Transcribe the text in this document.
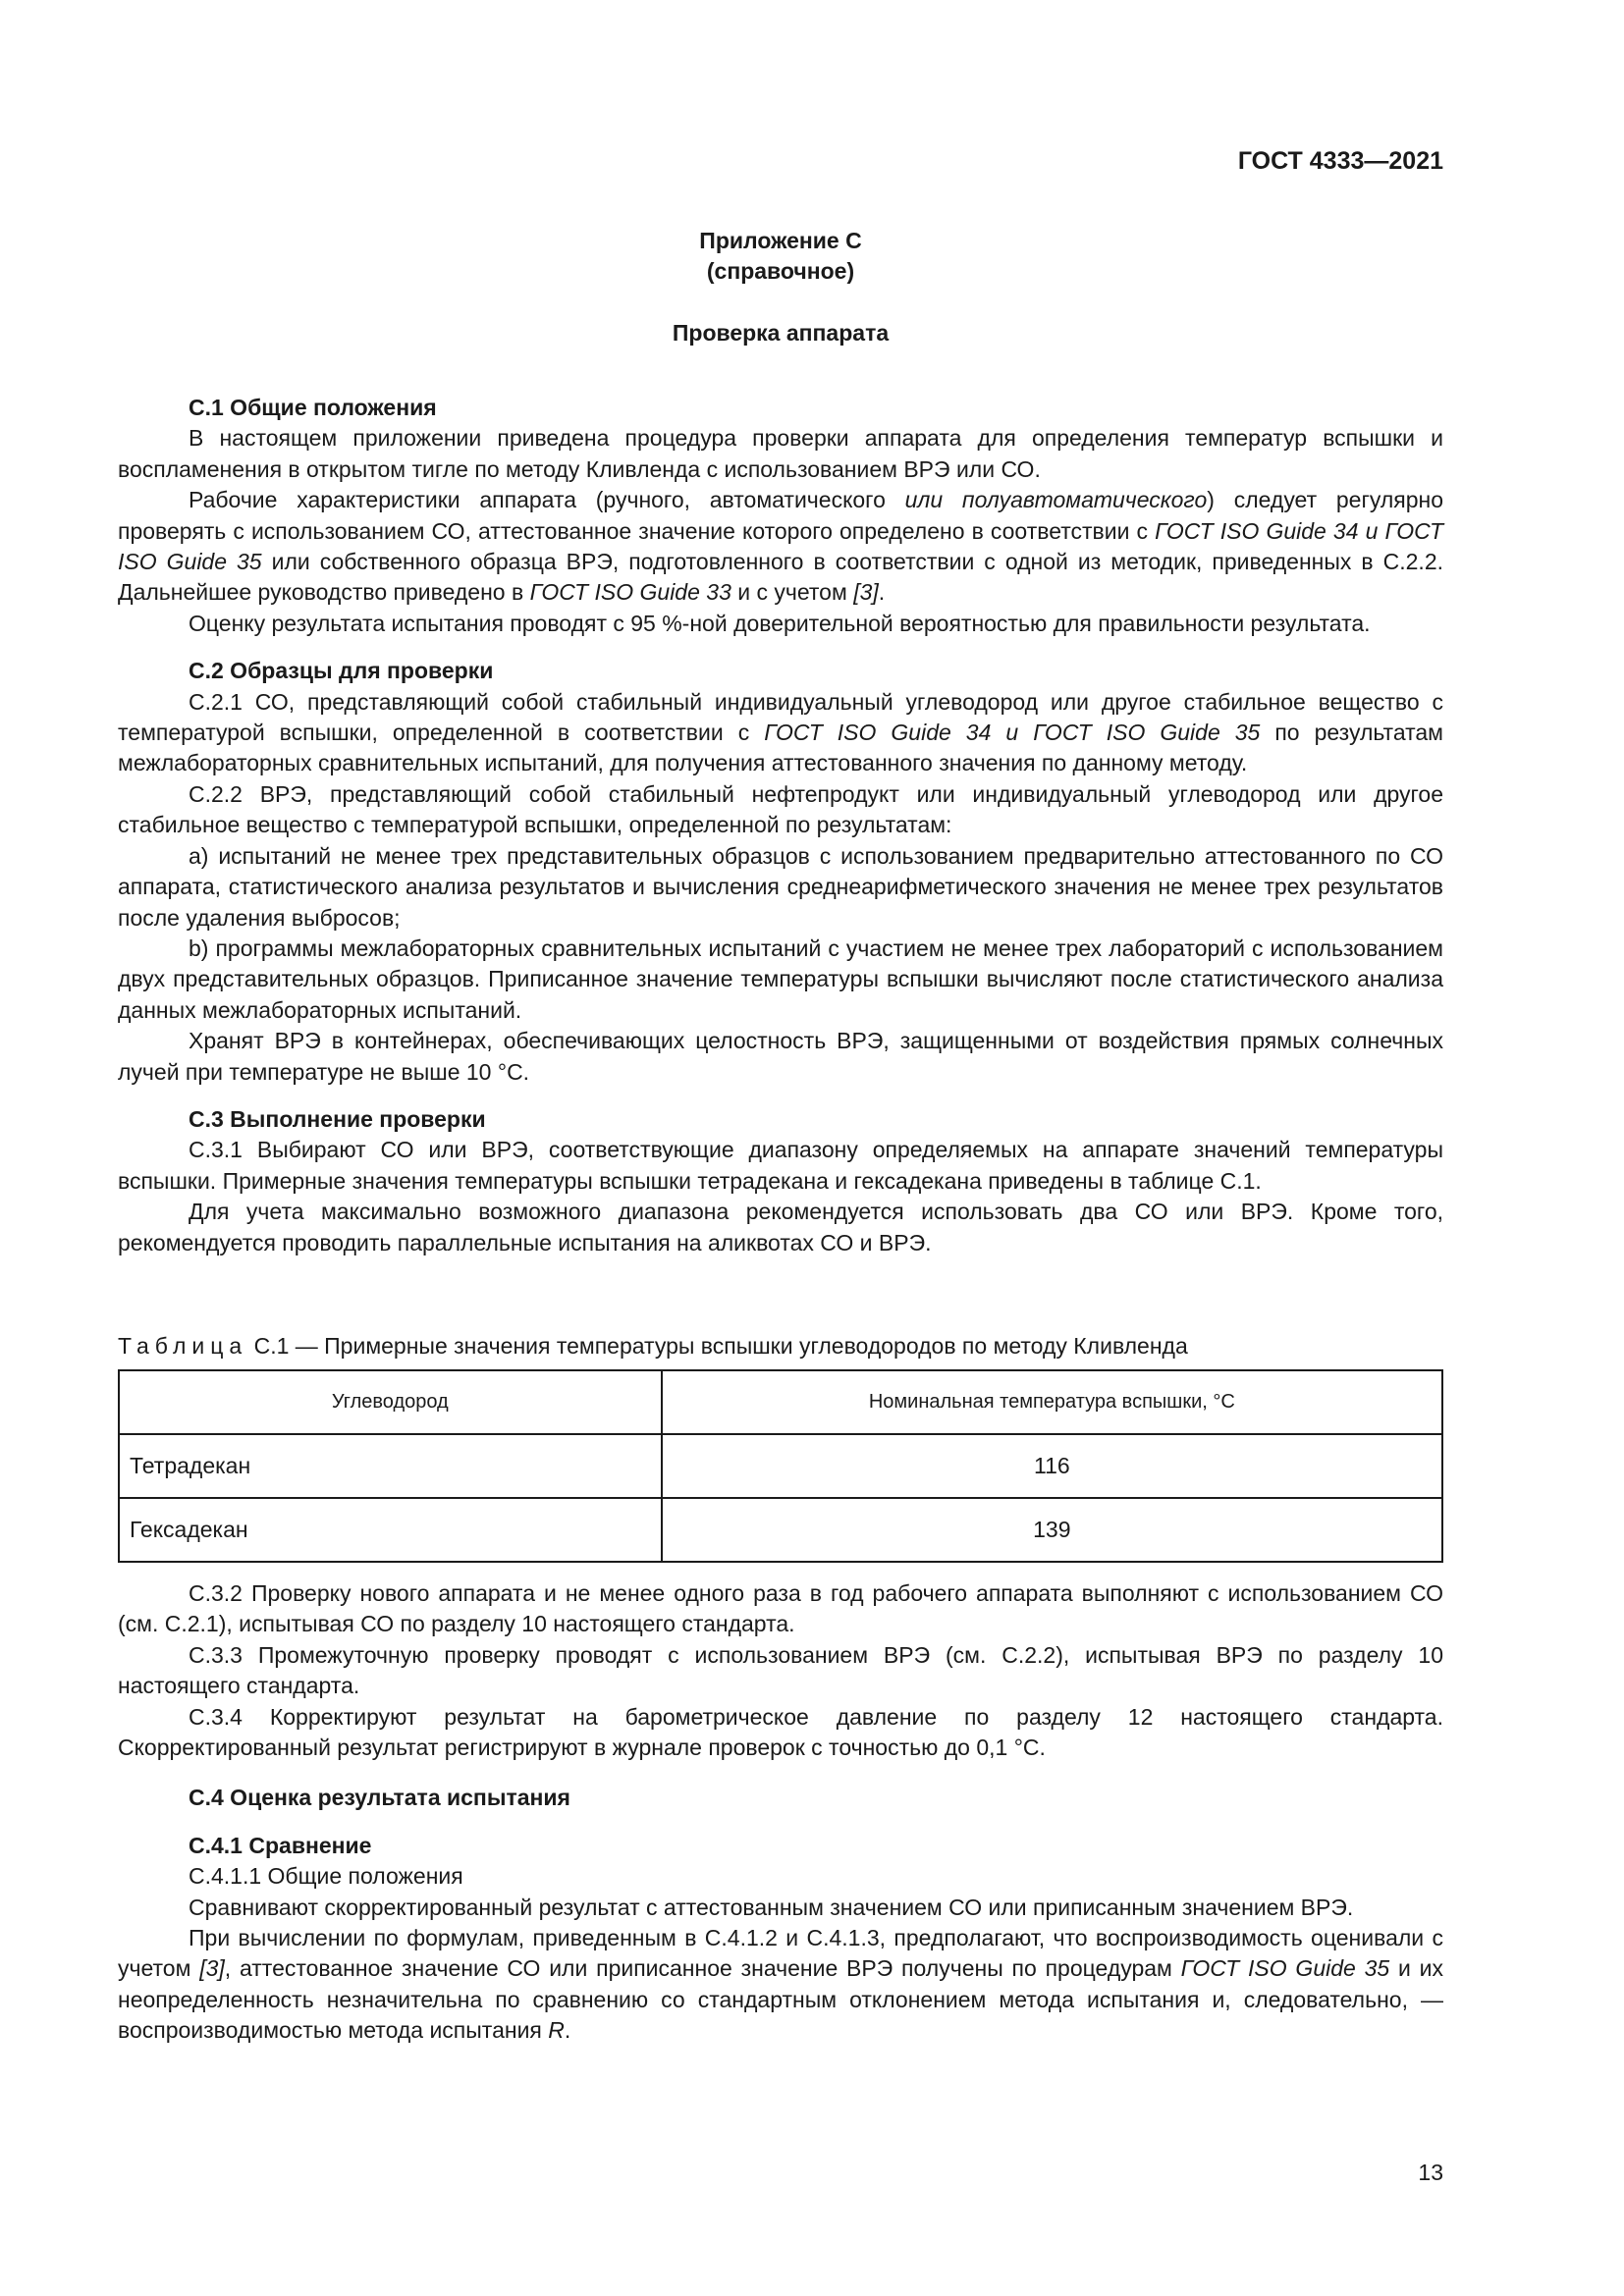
ГОСТ 4333—2021
Приложение С
(справочное)
Проверка аппарата
С.1 Общие положения

В настоящем приложении приведена процедура проверки аппарата для определения температур вспышки и воспламенения в открытом тигле по методу Кливленда с использованием ВРЭ или СО.

Рабочие характеристики аппарата (ручного, автоматического или полуавтоматического) следует регулярно проверять с использованием СО, аттестованное значение которого определено в соответствии с ГОСТ ISO Guide 34 и ГОСТ ISO Guide 35 или собственного образца ВРЭ, подготовленного в соответствии с одной из методик, приведенных в С.2.2. Дальнейшее руководство приведено в ГОСТ ISO Guide 33 и с учетом [3].

Оценку результата испытания проводят с 95 %-ной доверительной вероятностью для правильности результата.

С.2 Образцы для проверки

С.2.1 СО, представляющий собой стабильный индивидуальный углеводород или другое стабильное вещество с температурой вспышки, определенной в соответствии с ГОСТ ISO Guide 34 и ГОСТ ISO Guide 35 по результатам межлабораторных сравнительных испытаний, для получения аттестованного значения по данному методу.

С.2.2 ВРЭ, представляющий собой стабильный нефтепродукт или индивидуальный углеводород или другое стабильное вещество с температурой вспышки, определенной по результатам:

a) испытаний не менее трех представительных образцов с использованием предварительно аттестованного по СО аппарата, статистического анализа результатов и вычисления среднеарифметического значения не менее трех результатов после удаления выбросов;

b) программы межлабораторных сравнительных испытаний с участием не менее трех лабораторий с использованием двух представительных образцов. Приписанное значение температуры вспышки вычисляют после статистического анализа данных межлабораторных испытаний.

Хранят ВРЭ в контейнерах, обеспечивающих целостность ВРЭ, защищенными от воздействия прямых солнечных лучей при температуре не выше 10 °С.

С.3 Выполнение проверки

С.3.1 Выбирают СО или ВРЭ, соответствующие диапазону определяемых на аппарате значений температуры вспышки. Примерные значения температуры вспышки тетрадекана и гексадекана приведены в таблице С.1.

Для учета максимально возможного диапазона рекомендуется использовать два СО или ВРЭ. Кроме того, рекомендуется проводить параллельные испытания на аликвотах СО и ВРЭ.

Таблица С.1 — Примерные значения температуры вспышки углеводородов по методу Кливленда
Углеводород	Номинальная температура вспышки, °С
Тетрадекан	116
Гексадекан	139

С.3.2 Проверку нового аппарата и не менее одного раза в год рабочего аппарата выполняют с использованием СО (см. С.2.1), испытывая СО по разделу 10 настоящего стандарта.

С.3.3 Промежуточную проверку проводят с использованием ВРЭ (см. С.2.2), испытывая ВРЭ по разделу 10 настоящего стандарта.

С.3.4 Корректируют результат на барометрическое давление по разделу 12 настоящего стандарта. Скорректированный результат регистрируют в журнале проверок с точностью до 0,1 °С.

С.4 Оценка результата испытания
С.4.1 Сравнение

С.4.1.1 Общие положения

Сравнивают скорректированный результат с аттестованным значением СО или приписанным значением ВРЭ.

При вычислении по формулам, приведенным в С.4.1.2 и С.4.1.3, предполагают, что воспроизводимость оценивали с учетом [3], аттестованное значение СО или приписанное значение ВРЭ получены по процедурам ГОСТ ISO Guide 35 и их неопределенность незначительна по сравнению со стандартным отклонением метода испытания и, следовательно, — воспроизводимостью метода испытания R.

13
